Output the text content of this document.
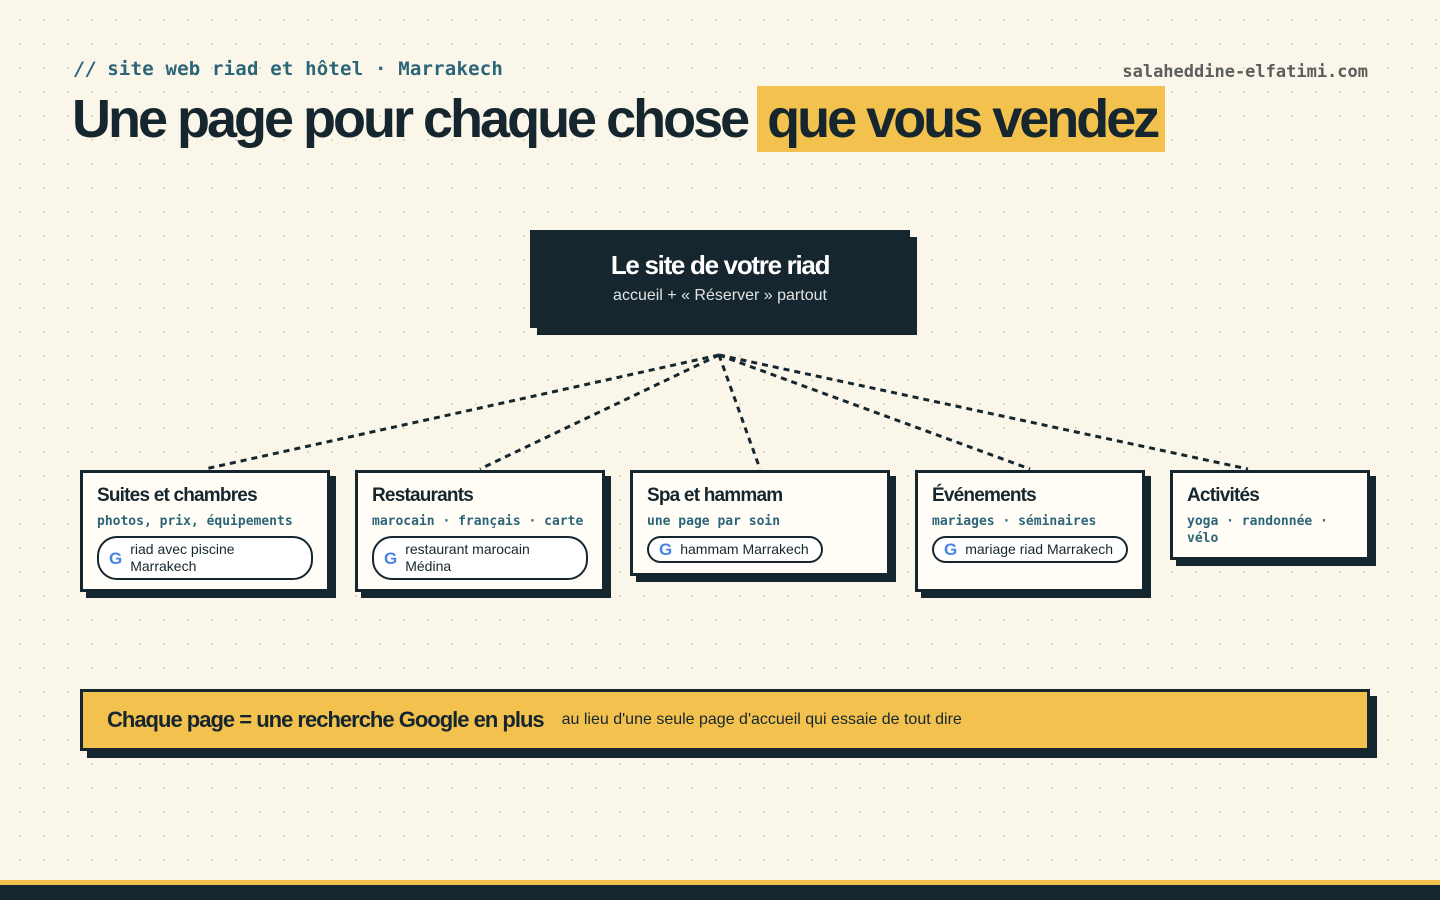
// site web riad et hôtel · Marrakech	salaheddine-elfatimi.com
Une page pour chaque chose que vous vendez
Le site de votre riad
accueil + « Réserver » partout
Suites et chambres
photos, prix, équipements
G riad avec piscine Marrakech
Restaurants
marocain · français · carte
G restaurant marocain Médina
Spa et hammam
une page par soin
G hammam Marrakech
Événements
mariages · séminaires
G mariage riad Marrakech
Activités
yoga · randonnée · vélo
Chaque page = une recherche Google en plus au lieu d'une seule page d'accueil qui essaie de tout dire
